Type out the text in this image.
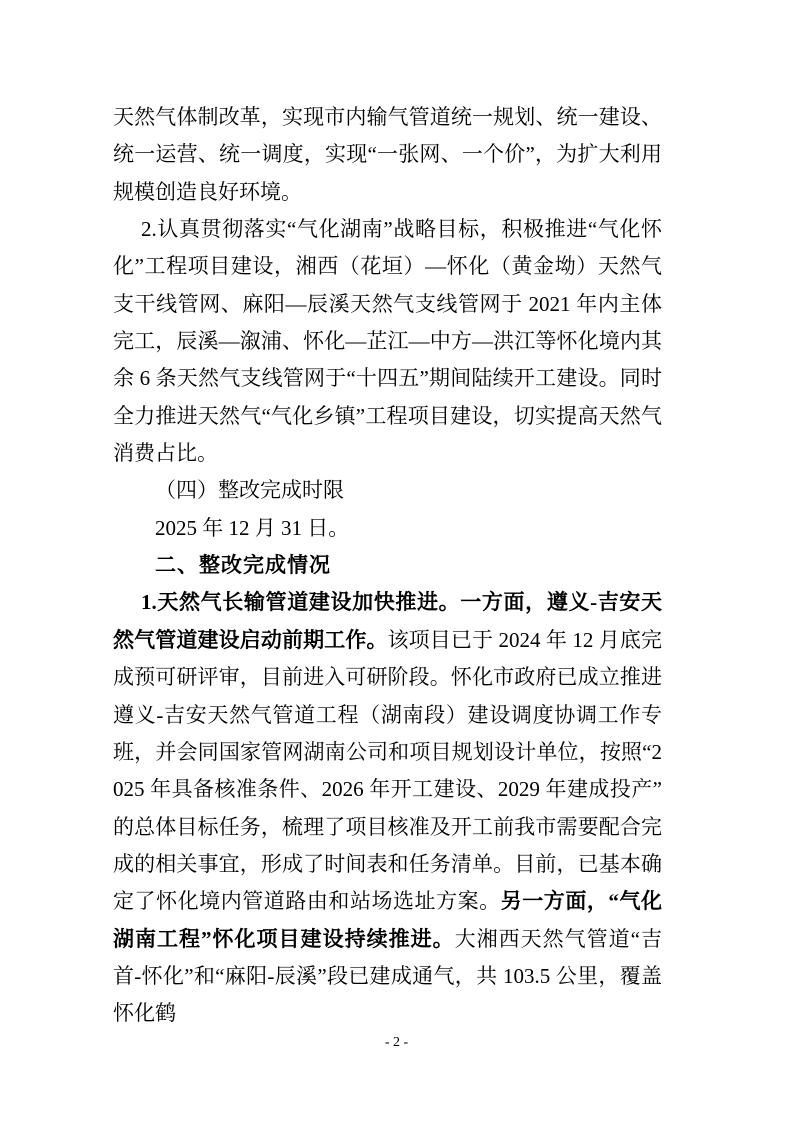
天然气体制改革，实现市内输气管道统一规划、统一建设、统一运营、统一调度，实现“一张网、一个价”，为扩大利用规模创造良好环境。

2.认真贯彻落实“气化湖南”战略目标，积极推进“气化怀化”工程项目建设，湘西（花垣）—怀化（黄金坳）天然气支干线管网、麻阳—辰溪天然气支线管网于 2021 年内主体完工，辰溪—溆浦、怀化—芷江—中方—洪江等怀化境内其余 6 条天然气支线管网于“十四五”期间陆续开工建设。同时全力推进天然气“气化乡镇”工程项目建设，切实提高天然气消费占比。

（四）整改完成时限

2025 年 12 月 31 日。

二、整改完成情况

1.天然气长输管道建设加快推进。一方面，遵义-吉安天然气管道建设启动前期工作。该项目已于 2024 年 12 月底完成预可研评审，目前进入可研阶段。怀化市政府已成立推进遵义-吉安天然气管道工程（湖南段）建设调度协调工作专班，并会同国家管网湖南公司和项目规划设计单位，按照“2025 年具备核准条件、2026 年开工建设、2029 年建成投产”的总体目标任务，梳理了项目核准及开工前我市需要配合完成的相关事宜，形成了时间表和任务清单。目前，已基本确定了怀化境内管道路由和站场选址方案。另一方面，“气化湖南工程”怀化项目建设持续推进。大湘西天然气管道“吉首-怀化”和“麻阳-辰溪”段已建成通气，共 103.5 公里，覆盖怀化鹤

- 2 -
